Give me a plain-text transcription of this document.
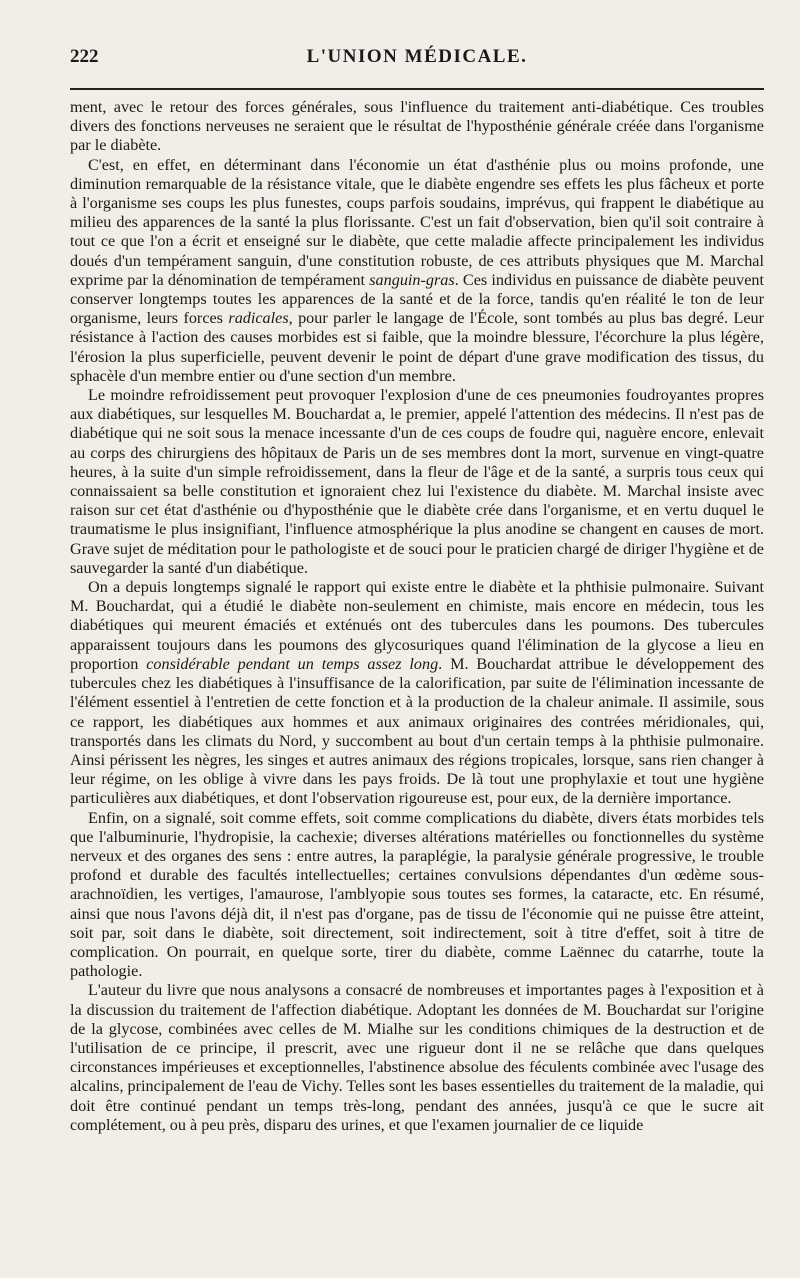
222	L'UNION MÉDICALE.

ment, avec le retour des forces générales, sous l'influence du traitement anti-diabétique. Ces troubles divers des fonctions nerveuses ne seraient que le résultat de l'hyposthénie générale créée dans l'organisme par le diabète.

C'est, en effet, en déterminant dans l'économie un état d'asthénie plus ou moins profonde, une diminution remarquable de la résistance vitale, que le diabète engendre ses effets les plus fâcheux et porte à l'organisme ses coups les plus funestes, coups parfois soudains, imprévus, qui frappent le diabétique au milieu des apparences de la santé la plus florissante. C'est un fait d'observation, bien qu'il soit contraire à tout ce que l'on a écrit et enseigné sur le diabète, que cette maladie affecte principalement les individus doués d'un tempérament sanguin, d'une constitution robuste, de ces attributs physiques que M. Marchal exprime par la dénomination de tempérament sanguin-gras. Ces individus en puissance de diabète peuvent conserver longtemps toutes les apparences de la santé et de la force, tandis qu'en réalité le ton de leur organisme, leurs forces radicales, pour parler le langage de l'École, sont tombés au plus bas degré. Leur résistance à l'action des causes morbides est si faible, que la moindre blessure, l'écorchure la plus légère, l'érosion la plus superficielle, peuvent devenir le point de départ d'une grave modification des tissus, du sphacèle d'un membre entier ou d'une section d'un membre.

Le moindre refroidissement peut provoquer l'explosion d'une de ces pneumonies foudroyantes propres aux diabétiques, sur lesquelles M. Bouchardat a, le premier, appelé l'attention des médecins. Il n'est pas de diabétique qui ne soit sous la menace incessante d'un de ces coups de foudre qui, naguère encore, enlevait au corps des chirurgiens des hôpitaux de Paris un de ses membres dont la mort, survenue en vingt-quatre heures, à la suite d'un simple refroidissement, dans la fleur de l'âge et de la santé, a surpris tous ceux qui connaissaient sa belle constitution et ignoraient chez lui l'existence du diabète. M. Marchal insiste avec raison sur cet état d'asthénie ou d'hyposthénie que le diabète crée dans l'organisme, et en vertu duquel le traumatisme le plus insignifiant, l'influence atmosphérique la plus anodine se changent en causes de mort. Grave sujet de méditation pour le pathologiste et de souci pour le praticien chargé de diriger l'hygiène et de sauvegarder la santé d'un diabétique.

On a depuis longtemps signalé le rapport qui existe entre le diabète et la phthisie pulmonaire. Suivant M. Bouchardat, qui a étudié le diabète non-seulement en chimiste, mais encore en médecin, tous les diabétiques qui meurent émaciés et exténués ont des tubercules dans les poumons. Des tubercules apparaissent toujours dans les poumons des glycosuriques quand l'élimination de la glycose a lieu en proportion considérable pendant un temps assez long. M. Bouchardat attribue le développement des tubercules chez les diabétiques à l'insuffisance de la calorification, par suite de l'élimination incessante de l'élément essentiel à l'entretien de cette fonction et à la production de la chaleur animale. Il assimile, sous ce rapport, les diabétiques aux hommes et aux animaux originaires des contrées méridionales, qui, transportés dans les climats du Nord, y succombent au bout d'un certain temps à la phthisie pulmonaire. Ainsi périssent les nègres, les singes et autres animaux des régions tropicales, lorsque, sans rien changer à leur régime, on les oblige à vivre dans les pays froids. De là tout une prophylaxie et tout une hygiène particulières aux diabétiques, et dont l'observation rigoureuse est, pour eux, de la dernière importance.

Enfin, on a signalé, soit comme effets, soit comme complications du diabète, divers états morbides tels que l'albuminurie, l'hydropisie, la cachexie; diverses altérations matérielles ou fonctionnelles du système nerveux et des organes des sens : entre autres, la paraplégie, la paralysie générale progressive, le trouble profond et durable des facultés intellectuelles; certaines convulsions dépendantes d'un œdème sous-arachnoïdien, les vertiges, l'amaurose, l'amblyopie sous toutes ses formes, la cataracte, etc. En résumé, ainsi que nous l'avons déjà dit, il n'est pas d'organe, pas de tissu de l'économie qui ne puisse être atteint, soit par, soit dans le diabète, soit directement, soit indirectement, soit à titre d'effet, soit à titre de complication. On pourrait, en quelque sorte, tirer du diabète, comme Laënnec du catarrhe, toute la pathologie.

L'auteur du livre que nous analysons a consacré de nombreuses et importantes pages à l'exposition et à la discussion du traitement de l'affection diabétique. Adoptant les données de M. Bouchardat sur l'origine de la glycose, combinées avec celles de M. Mialhe sur les conditions chimiques de la destruction et de l'utilisation de ce principe, il prescrit, avec une rigueur dont il ne se relâche que dans quelques circonstances impérieuses et exceptionnelles, l'abstinence absolue des féculents combinée avec l'usage des alcalins, principalement de l'eau de Vichy. Telles sont les bases essentielles du traitement de la maladie, qui doit être continué pendant un temps très-long, pendant des années, jusqu'à ce que le sucre ait complétement, ou à peu près, disparu des urines, et que l'examen journalier de ce liquide
